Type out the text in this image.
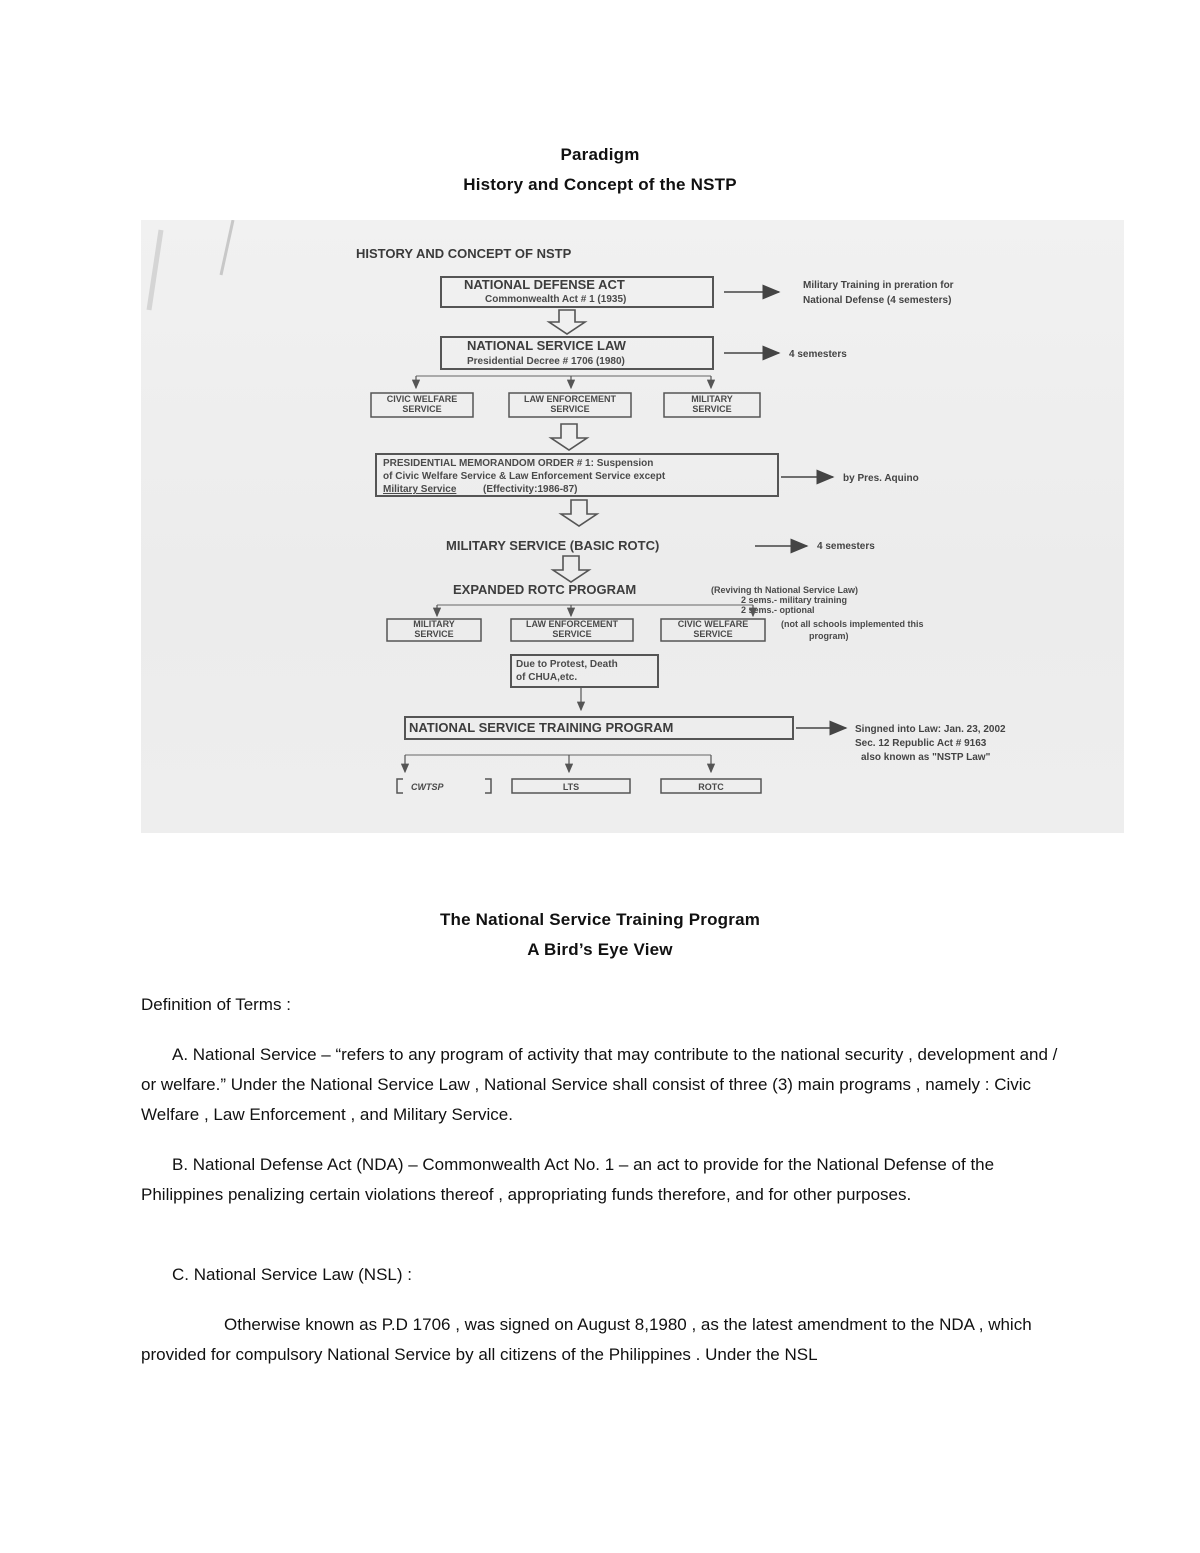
Paradigm
History and Concept of the NSTP
HISTORY AND CONCEPT OF NSTP
NATIONAL DEFENSE ACT
Commonwealth Act # 1 (1935)
Military Training in preration for
National Defense (4 semesters)
NATIONAL SERVICE LAW
Presidential Decree # 1706 (1980)
4 semesters
CIVIC WELFARE
SERVICE
LAW ENFORCEMENT
SERVICE
MILITARY
SERVICE
PRESIDENTIAL MEMORANDOM ORDER # 1: Suspension
of Civic Welfare Service & Law Enforcement Service except
Military Service	(Effectivity:1986-87)
by Pres. Aquino
MILITARY SERVICE (BASIC ROTC)	4 semesters
EXPANDED ROTC PROGRAM	(Reviving th National Service Law)
2 sems.- military training
2 sems.- optional
MILITARY
SERVICE
LAW ENFORCEMENT
SERVICE
CIVIC WELFARE
SERVICE
(not all schools implemented this
program)
Due to Protest, Death
of CHUA,etc.
NATIONAL SERVICE TRAINING PROGRAM	Singned into Law: Jan. 23, 2002
Sec. 12 Republic Act # 9163
also known as "NSTP Law"
CWTSP	LTS	ROTC
The National Service Training Program
A Bird’s Eye View
Definition of Terms :
A. National Service – “refers to any program of activity that may contribute to the national security , development and / or welfare.” Under the National Service Law , National Service shall consist of three (3) main programs , namely : Civic Welfare , Law Enforcement , and Military Service.
B. National Defense Act (NDA) – Commonwealth Act No. 1 – an act to provide for the National Defense of the Philippines penalizing certain violations thereof , appropriating funds therefore, and for other purposes.
C. National Service Law (NSL) :
Otherwise known as P.D 1706 , was signed on August 8,1980 , as the latest amendment to the NDA , which provided for compulsory National Service by all citizens of the Philippines . Under the NSL
